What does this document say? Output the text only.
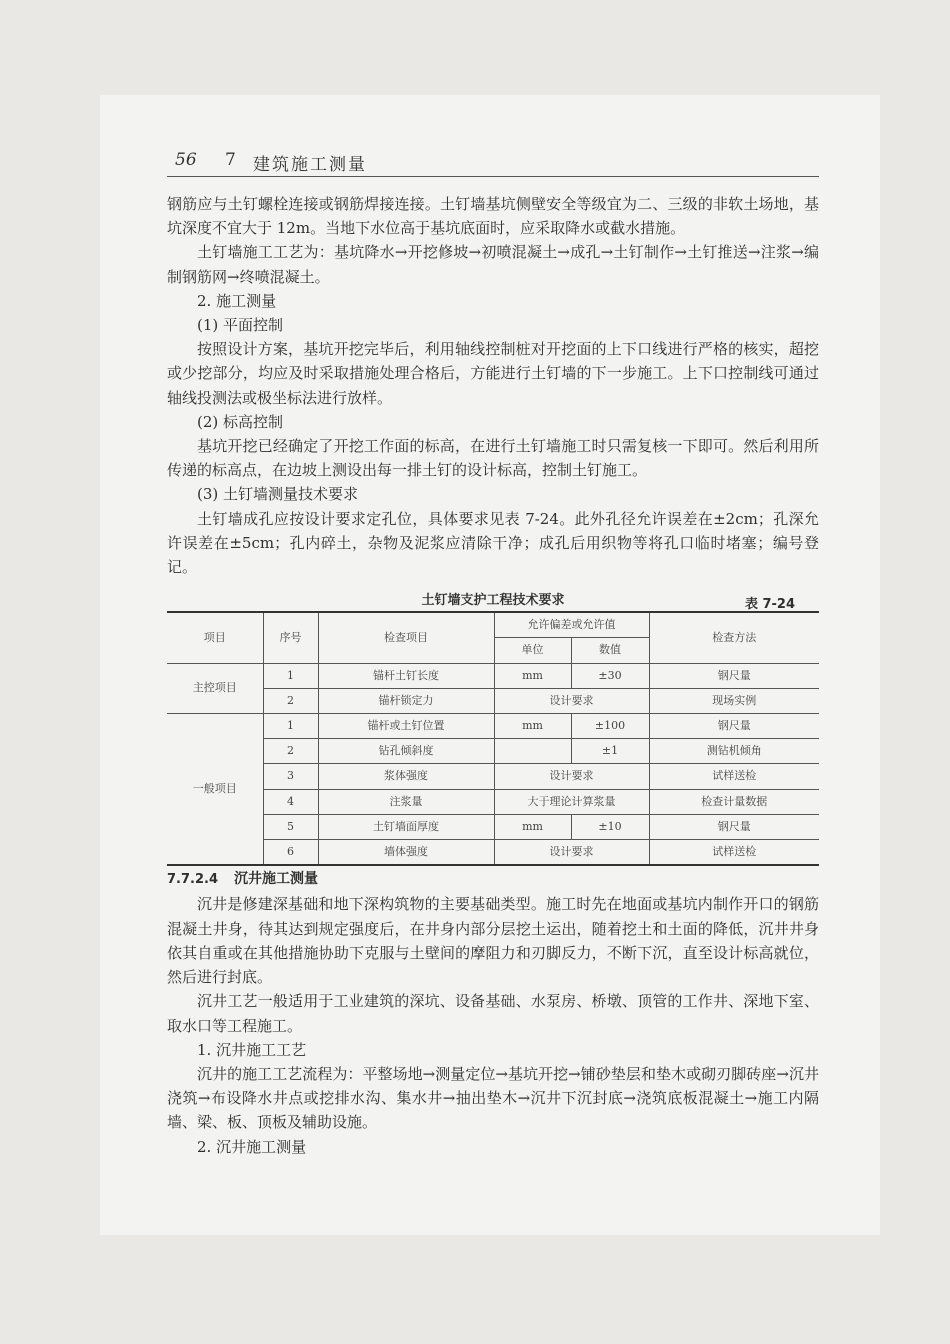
56 7 建筑施工测量

钢筋应与土钉螺栓连接或钢筋焊接连接。土钉墙基坑侧壁安全等级宜为二、三级的非软土场地，基坑深度不宜大于 12m。当地下水位高于基坑底面时，应采取降水或截水措施。

土钉墙施工工艺为：基坑降水→开挖修坡→初喷混凝土→成孔→土钉制作→土钉推送→注浆→编制钢筋网→终喷混凝土。

2. 施工测量

(1) 平面控制

按照设计方案，基坑开挖完毕后，利用轴线控制桩对开挖面的上下口线进行严格的核实，超挖或少挖部分，均应及时采取措施处理合格后，方能进行土钉墙的下一步施工。上下口控制线可通过轴线投测法或极坐标法进行放样。

(2) 标高控制

基坑开挖已经确定了开挖工作面的标高，在进行土钉墙施工时只需复核一下即可。然后利用所传递的标高点，在边坡上测设出每一排土钉的设计标高，控制土钉施工。

(3) 土钉墙测量技术要求

土钉墙成孔应按设计要求定孔位，具体要求见表 7-24。此外孔径允许误差在±2cm；孔深允许误差在±5cm；孔内碎土，杂物及泥浆应清除干净；成孔后用织物等将孔口临时堵塞；编号登记。

土钉墙支护工程技术要求	表 7-24
项目	序号	检查项目	允许偏差或允许值		检查方法
			单位	数值	
主控项目	1	锚杆土钉长度	mm	±30	钢尺量
	2	锚杆锁定力	设计要求		现场实例
一般项目	1	锚杆或土钉位置	mm	±100	钢尺量
	2	钻孔倾斜度		±1	测钻机倾角
	3	浆体强度	设计要求		试样送检
	4	注浆量	大于理论计算浆量		检查计量数据
	5	土钉墙面厚度	mm	±10	钢尺量
	6	墙体强度	设计要求		试样送检

7.7.2.4 沉井施工测量

沉井是修建深基础和地下深构筑物的主要基础类型。施工时先在地面或基坑内制作开口的钢筋混凝土井身，待其达到规定强度后，在井身内部分层挖土运出，随着挖土和土面的降低，沉井井身依其自重或在其他措施协助下克服与土壁间的摩阻力和刃脚反力，不断下沉，直至设计标高就位，然后进行封底。

沉井工艺一般适用于工业建筑的深坑、设备基础、水泵房、桥墩、顶管的工作井、深地下室、取水口等工程施工。

1. 沉井施工工艺

沉井的施工工艺流程为：平整场地→测量定位→基坑开挖→铺砂垫层和垫木或砌刃脚砖座→沉井浇筑→布设降水井点或挖排水沟、集水井→抽出垫木→沉井下沉封底→浇筑底板混凝土→施工内隔墙、梁、板、顶板及辅助设施。

2. 沉井施工测量
